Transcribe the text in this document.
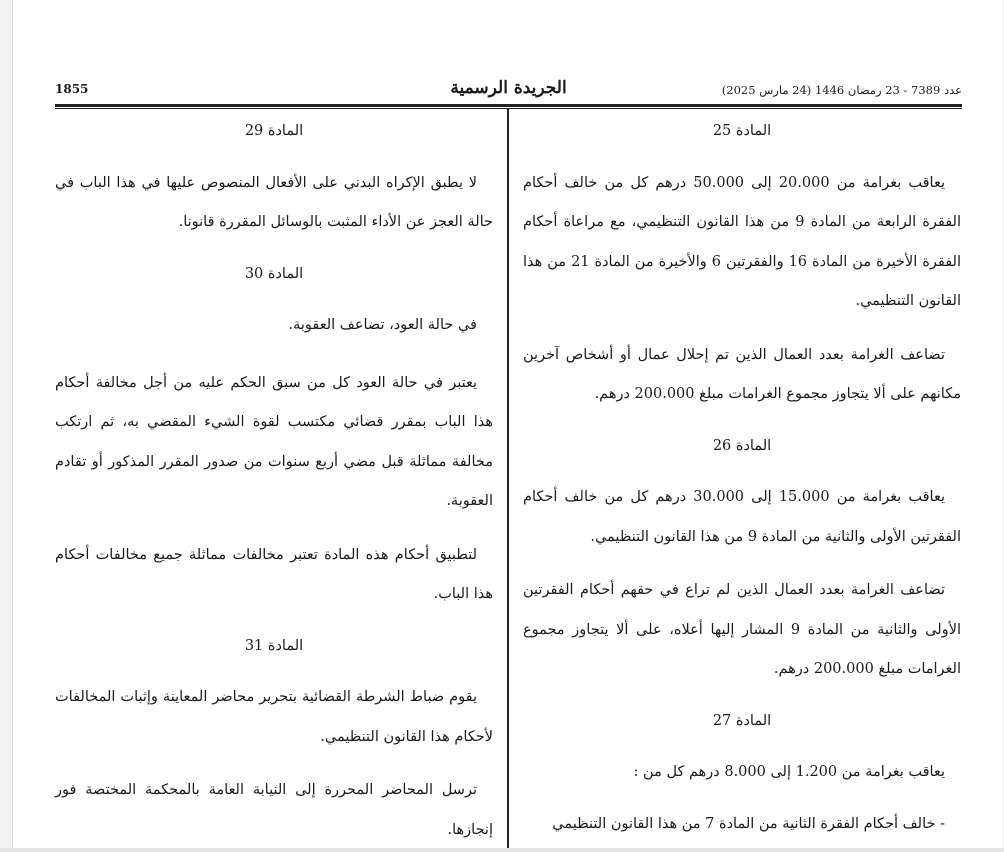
1855	الجريدة الرسمية	عدد 7389 - 23 رمضان 1446 (24 مارس 2025)

المادة 25

يعاقب بغرامة من 20.000 إلى 50.000 درهم كل من خالف أحكام الفقرة الرابعة من المادة 9 من هذا القانون التنظيمي، مع مراعاة أحكام الفقرة الأخيرة من المادة 16 والفقرتين 6 والأخيرة من المادة 21 من هذا القانون التنظيمي.

تضاعف الغرامة بعدد العمال الذين تم إحلال عمال أو أشخاص آخرين مكانهم على ألا يتجاوز مجموع الغرامات مبلغ 200.000 درهم.

المادة 26

يعاقب بغرامة من 15.000 إلى 30.000 درهم كل من خالف أحكام الفقرتين الأولى والثانية من المادة 9 من هذا القانون التنظيمي.

تضاعف الغرامة بعدد العمال الذين لم تراع في حقهم أحكام الفقرتين الأولى والثانية من المادة 9 المشار إليها أعلاه، على ألا يتجاوز مجموع الغرامات مبلغ 200.000 درهم.

المادة 27

يعاقب بغرامة من 1.200 إلى 8.000 درهم كل من :

- خالف أحكام الفقرة الثانية من المادة 7 من هذا القانون التنظيمي

المادة 29

لا يطبق الإكراه البدني على الأفعال المنصوص عليها في هذا الباب في حالة العجز عن الأداء المثبت بالوسائل المقررة قانونا.

المادة 30

في حالة العود، تضاعف العقوبة.

يعتبر في حالة العود كل من سبق الحكم عليه من أجل مخالفة أحكام هذا الباب بمقرر قضائي مكتسب لقوة الشيء المقضي به، ثم ارتكب مخالفة مماثلة قبل مضي أربع سنوات من صدور المقرر المذكور أو تقادم العقوبة.

لتطبيق أحكام هذه المادة تعتبر مخالفات مماثلة جميع مخالفات أحكام هذا الباب.

المادة 31

يقوم ضباط الشرطة القضائية بتحرير محاضر المعاينة وإثبات المخالفات لأحكام هذا القانون التنظيمي.

ترسل المحاضر المحررة إلى النيابة العامة بالمحكمة المختصة فور إنجازها.
